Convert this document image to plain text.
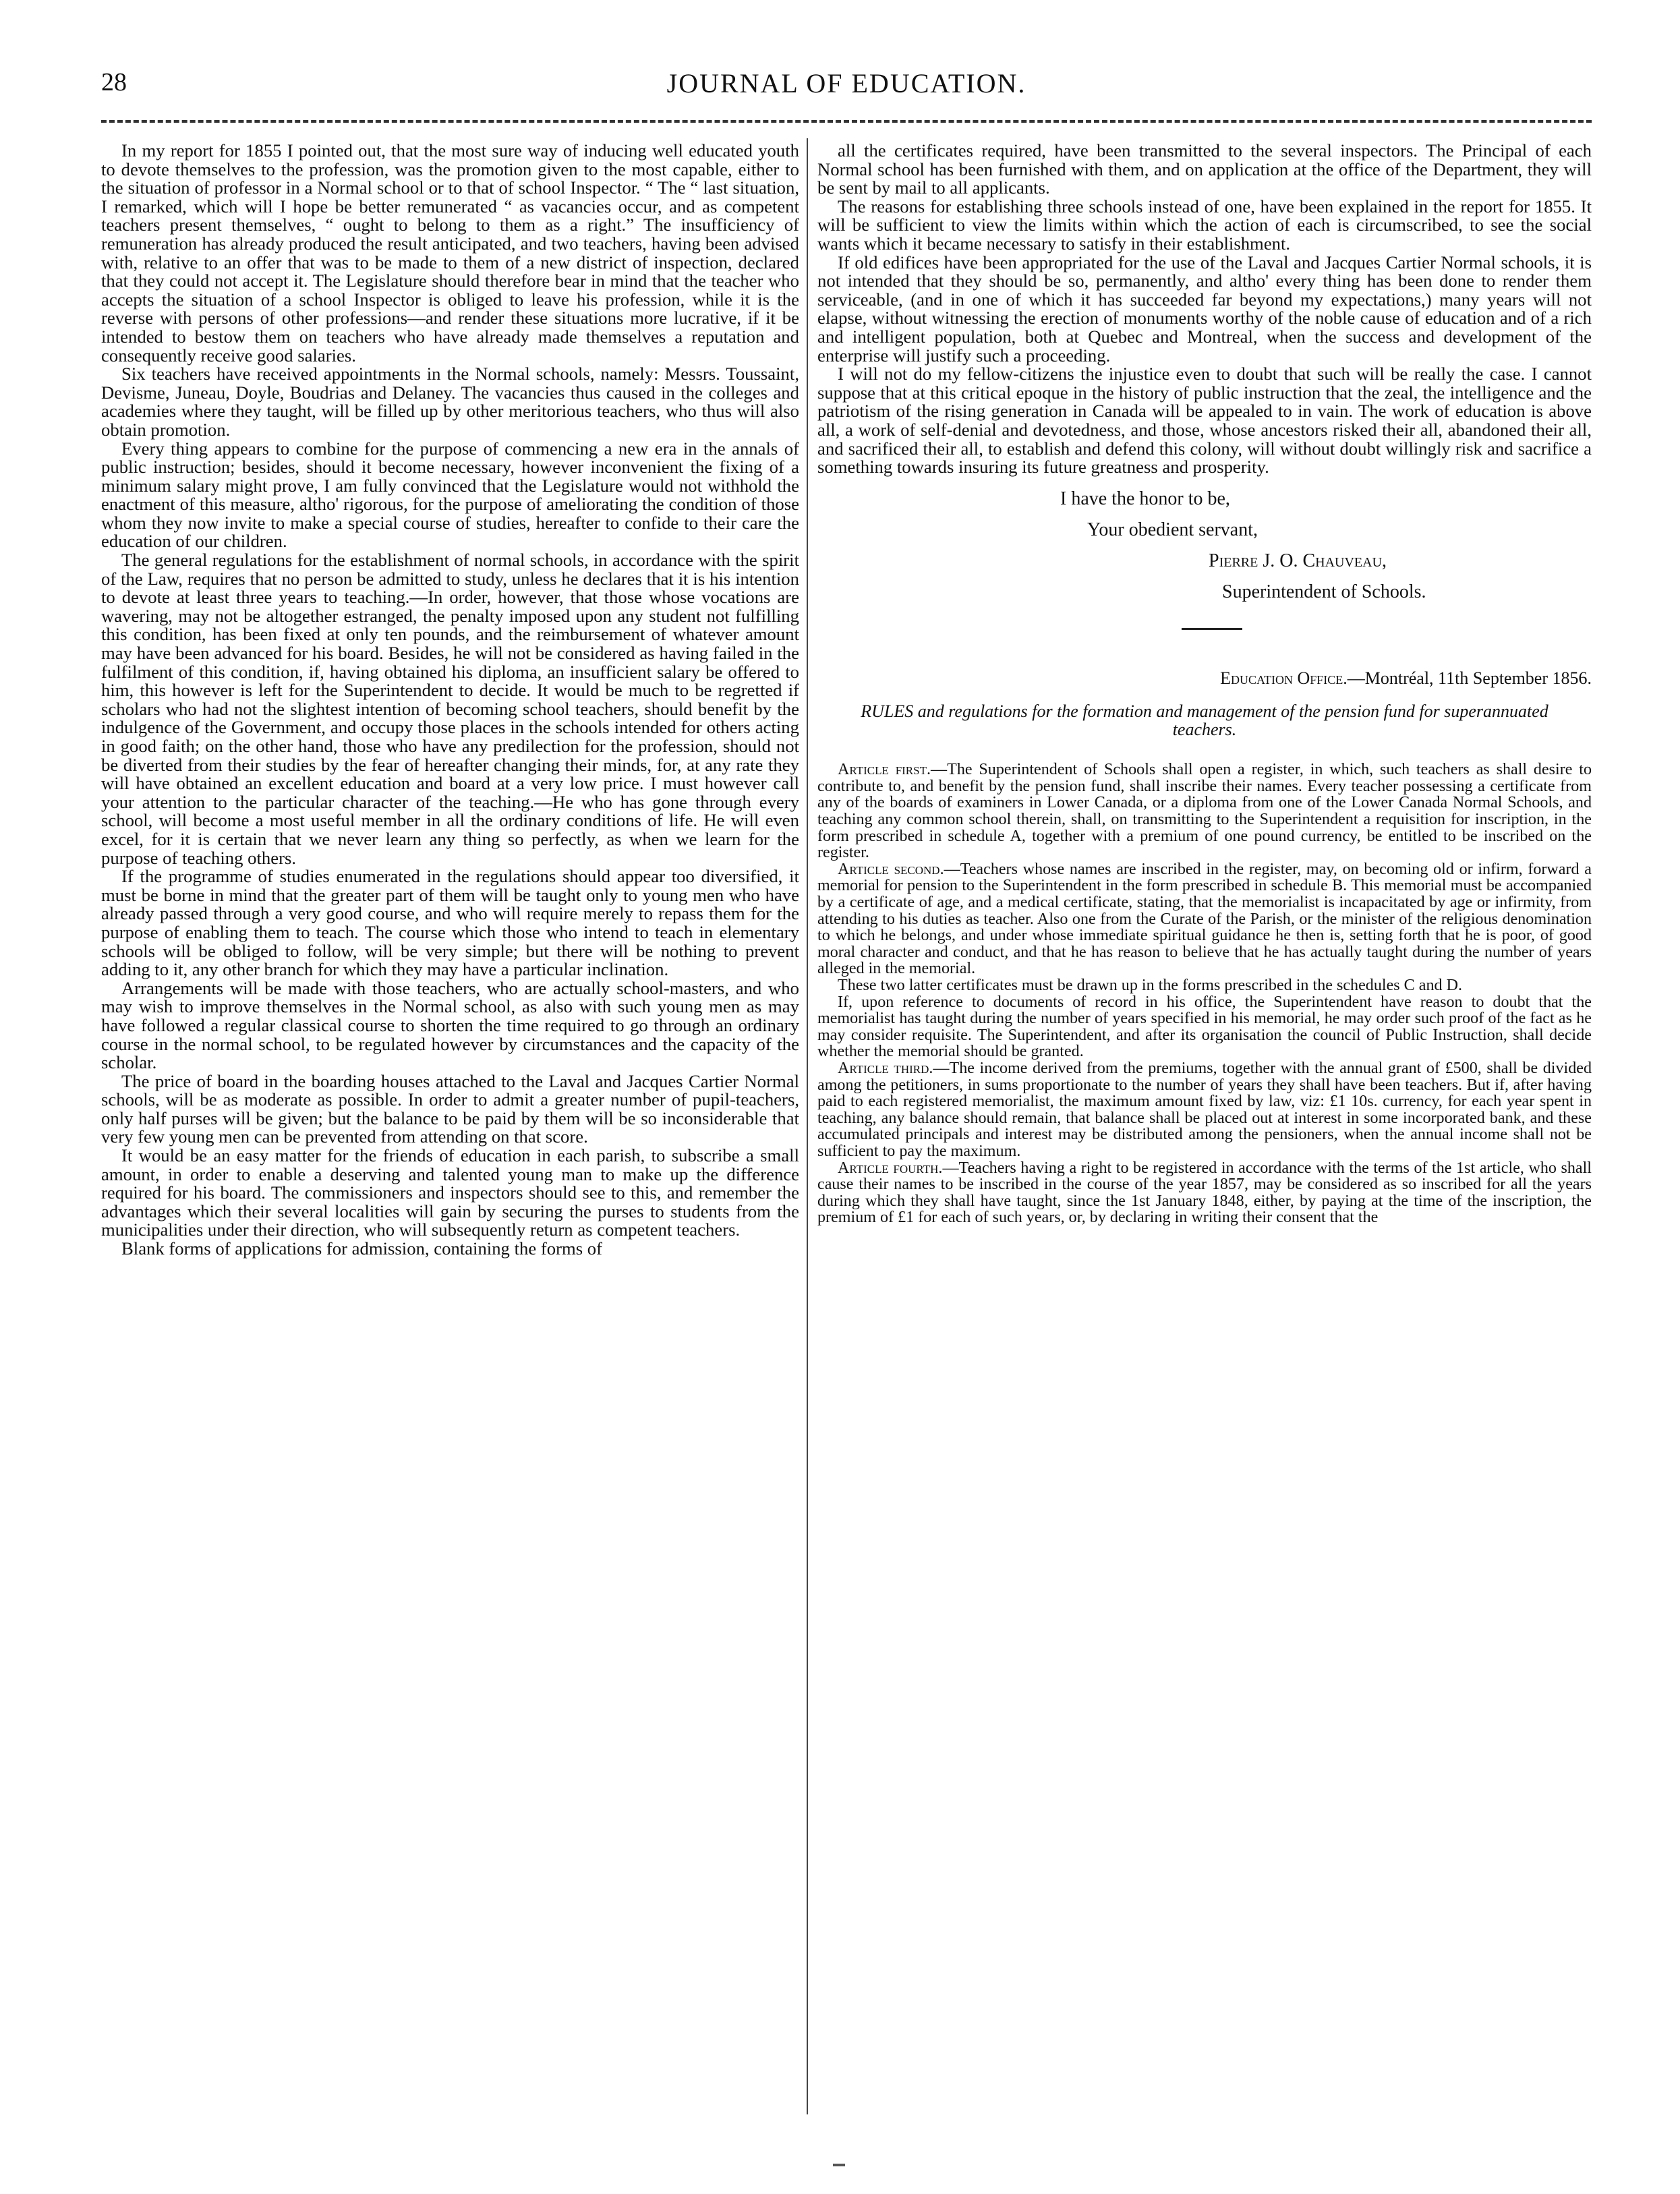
28	JOURNAL OF EDUCATION.

In my report for 1855 I pointed out, that the most sure way of inducing well educated youth to devote themselves to the profession, was the promotion given to the most capable, either to the situation of professor in a Normal school or to that of school Inspector. “ The “ last situation, I remarked, which will I hope be better remunerated “ as vacancies occur, and as competent teachers present themselves, “ ought to belong to them as a right.” The insufficiency of remuneration has already produced the result anticipated, and two teachers, having been advised with, relative to an offer that was to be made to them of a new district of inspection, declared that they could not accept it. The Legislature should therefore bear in mind that the teacher who accepts the situation of a school Inspector is obliged to leave his profession, while it is the reverse with persons of other professions—and render these situations more lucrative, if it be intended to bestow them on teachers who have already made themselves a reputation and consequently receive good salaries.

Six teachers have received appointments in the Normal schools, namely: Messrs. Toussaint, Devisme, Juneau, Doyle, Boudrias and Delaney. The vacancies thus caused in the colleges and academies where they taught, will be filled up by other meritorious teachers, who thus will also obtain promotion.

Every thing appears to combine for the purpose of commencing a new era in the annals of public instruction; besides, should it become necessary, however inconvenient the fixing of a minimum salary might prove, I am fully convinced that the Legislature would not withhold the enactment of this measure, altho' rigorous, for the purpose of ameliorating the condition of those whom they now invite to make a special course of studies, hereafter to confide to their care the education of our children.

The general regulations for the establishment of normal schools, in accordance with the spirit of the Law, requires that no person be admitted to study, unless he declares that it is his intention to devote at least three years to teaching.—In order, however, that those whose vocations are wavering, may not be altogether estranged, the penalty imposed upon any student not fulfilling this condition, has been fixed at only ten pounds, and the reimbursement of whatever amount may have been advanced for his board. Besides, he will not be considered as having failed in the fulfilment of this condition, if, having obtained his diploma, an insufficient salary be offered to him, this however is left for the Superintendent to decide. It would be much to be regretted if scholars who had not the slightest intention of becoming school teachers, should benefit by the indulgence of the Government, and occupy those places in the schools intended for others acting in good faith; on the other hand, those who have any predilection for the profession, should not be diverted from their studies by the fear of hereafter changing their minds, for, at any rate they will have obtained an excellent education and board at a very low price. I must however call your attention to the particular character of the teaching.—He who has gone through every school, will become a most useful member in all the ordinary conditions of life. He will even excel, for it is certain that we never learn any thing so perfectly, as when we learn for the purpose of teaching others.

If the programme of studies enumerated in the regulations should appear too diversified, it must be borne in mind that the greater part of them will be taught only to young men who have already passed through a very good course, and who will require merely to repass them for the purpose of enabling them to teach. The course which those who intend to teach in elementary schools will be obliged to follow, will be very simple; but there will be nothing to prevent adding to it, any other branch for which they may have a particular inclination.

Arrangements will be made with those teachers, who are actually school-masters, and who may wish to improve themselves in the Normal school, as also with such young men as may have followed a regular classical course to shorten the time required to go through an ordinary course in the normal school, to be regulated however by circumstances and the capacity of the scholar.

The price of board in the boarding houses attached to the Laval and Jacques Cartier Normal schools, will be as moderate as possible. In order to admit a greater number of pupil-teachers, only half purses will be given; but the balance to be paid by them will be so inconsiderable that very few young men can be prevented from attending on that score.

It would be an easy matter for the friends of education in each parish, to subscribe a small amount, in order to enable a deserving and talented young man to make up the difference required for his board. The commissioners and inspectors should see to this, and remember the advantages which their several localities will gain by securing the purses to students from the municipalities under their direction, who will subsequently return as competent teachers.

Blank forms of applications for admission, containing the forms of

all the certificates required, have been transmitted to the several inspectors. The Principal of each Normal school has been furnished with them, and on application at the office of the Department, they will be sent by mail to all applicants.

The reasons for establishing three schools instead of one, have been explained in the report for 1855. It will be sufficient to view the limits within which the action of each is circumscribed, to see the social wants which it became necessary to satisfy in their establishment.

If old edifices have been appropriated for the use of the Laval and Jacques Cartier Normal schools, it is not intended that they should be so, permanently, and altho' every thing has been done to render them serviceable, (and in one of which it has succeeded far beyond my expectations,) many years will not elapse, without witnessing the erection of monuments worthy of the noble cause of education and of a rich and intelligent population, both at Quebec and Montreal, when the success and development of the enterprise will justify such a proceeding.

I will not do my fellow-citizens the injustice even to doubt that such will be really the case. I cannot suppose that at this critical epoque in the history of public instruction that the zeal, the intelligence and the patriotism of the rising generation in Canada will be appealed to in vain. The work of education is above all, a work of self-denial and devotedness, and those, whose ancestors risked their all, abandoned their all, and sacrificed their all, to establish and defend this colony, will without doubt willingly risk and sacrifice a something towards insuring its future greatness and prosperity.

I have the honor to be,
Your obedient servant,
Pierre J. O. Chauveau,
Superintendent of Schools.
Education Office.—Montréal, 11th September 1856.
RULES and regulations for the formation and management of the pension fund for superannuated teachers.

Article first.—The Superintendent of Schools shall open a register, in which, such teachers as shall desire to contribute to, and benefit by the pension fund, shall inscribe their names. Every teacher possessing a certificate from any of the boards of examiners in Lower Canada, or a diploma from one of the Lower Canada Normal Schools, and teaching any common school therein, shall, on transmitting to the Superintendent a requisition for inscription, in the form prescribed in schedule A, together with a premium of one pound currency, be entitled to be inscribed on the register.

Article second.—Teachers whose names are inscribed in the register, may, on becoming old or infirm, forward a memorial for pension to the Superintendent in the form prescribed in schedule B. This memorial must be accompanied by a certificate of age, and a medical certificate, stating, that the memorialist is incapacitated by age or infirmity, from attending to his duties as teacher. Also one from the Curate of the Parish, or the minister of the religious denomination to which he belongs, and under whose immediate spiritual guidance he then is, setting forth that he is poor, of good moral character and conduct, and that he has reason to believe that he has actually taught during the number of years alleged in the memorial.

These two latter certificates must be drawn up in the forms prescribed in the schedules C and D.

If, upon reference to documents of record in his office, the Superintendent have reason to doubt that the memorialist has taught during the number of years specified in his memorial, he may order such proof of the fact as he may consider requisite. The Superintendent, and after its organisation the council of Public Instruction, shall decide whether the memorial should be granted.

Article third.—The income derived from the premiums, together with the annual grant of £500, shall be divided among the petitioners, in sums proportionate to the number of years they shall have been teachers. But if, after having paid to each registered memorialist, the maximum amount fixed by law, viz: £1 10s. currency, for each year spent in teaching, any balance should remain, that balance shall be placed out at interest in some incorporated bank, and these accumulated principals and interest may be distributed among the pensioners, when the annual income shall not be sufficient to pay the maximum.

Article fourth.—Teachers having a right to be registered in accordance with the terms of the 1st article, who shall cause their names to be inscribed in the course of the year 1857, may be considered as so inscribed for all the years during which they shall have taught, since the 1st January 1848, either, by paying at the time of the inscription, the premium of £1 for each of such years, or, by declaring in writing their consent that the
